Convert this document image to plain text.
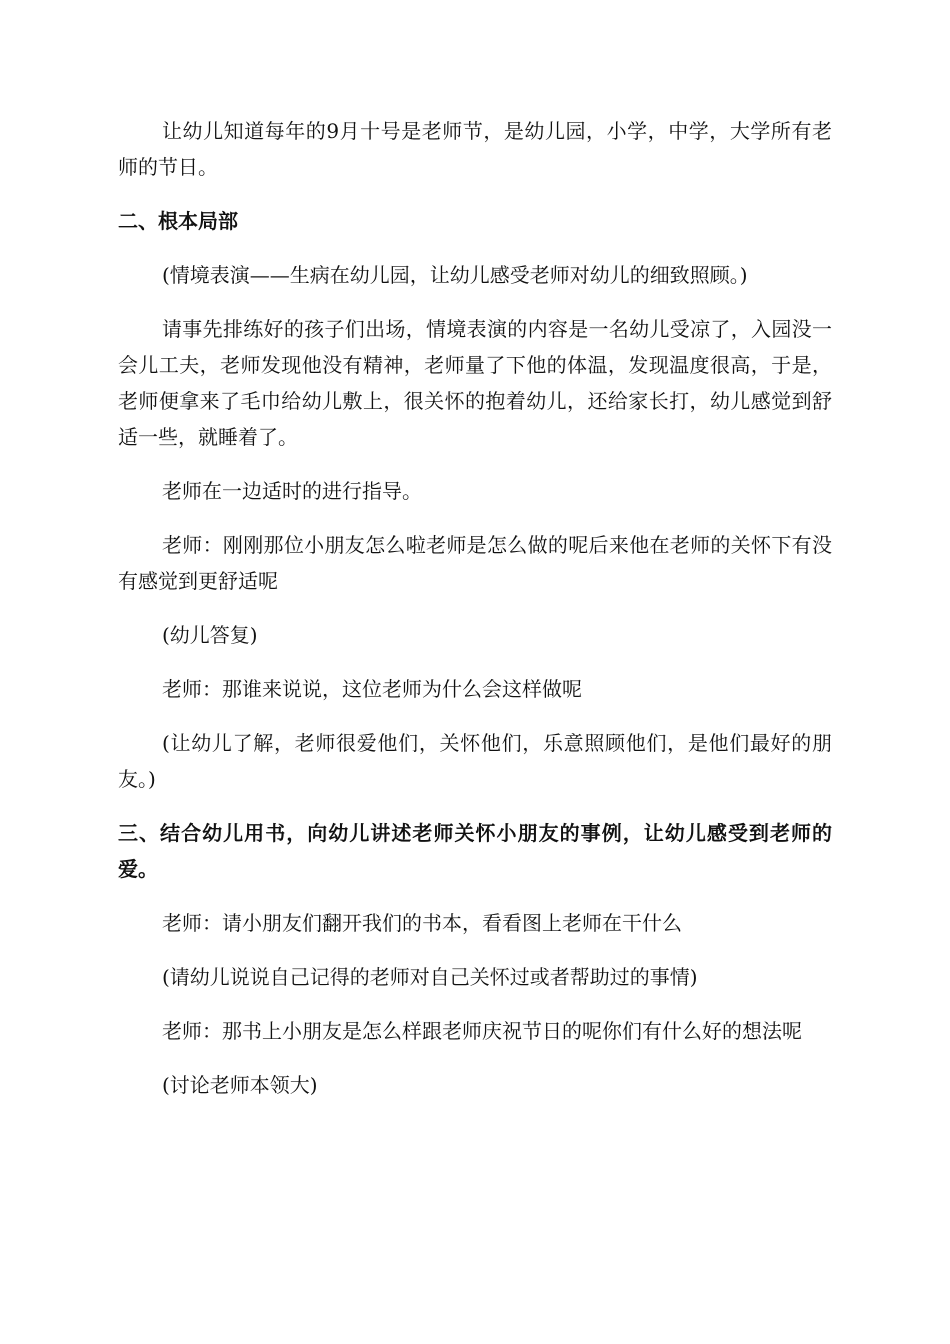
让幼儿知道每年的9月十号是老师节，是幼儿园，小学，中学，大学所有老师的节日。

二、根本局部

(情境表演——生病在幼儿园，让幼儿感受老师对幼儿的细致照顾。)

请事先排练好的孩子们出场，情境表演的内容是一名幼儿受凉了，入园没一会儿工夫，老师发现他没有精神，老师量了下他的体温，发现温度很高，于是，老师便拿来了毛巾给幼儿敷上，很关怀的抱着幼儿，还给家长打，幼儿感觉到舒适一些，就睡着了。

老师在一边适时的进行指导。

老师：刚刚那位小朋友怎么啦老师是怎么做的呢后来他在老师的关怀下有没有感觉到更舒适呢

(幼儿答复)

老师：那谁来说说，这位老师为什么会这样做呢

(让幼儿了解，老师很爱他们，关怀他们，乐意照顾他们，是他们最好的朋友。)

三、结合幼儿用书，向幼儿讲述老师关怀小朋友的事例，让幼儿感受到老师的爱。

老师：请小朋友们翻开我们的书本，看看图上老师在干什么

(请幼儿说说自己记得的老师对自己关怀过或者帮助过的事情)

老师：那书上小朋友是怎么样跟老师庆祝节日的呢你们有什么好的想法呢

(讨论老师本领大)
